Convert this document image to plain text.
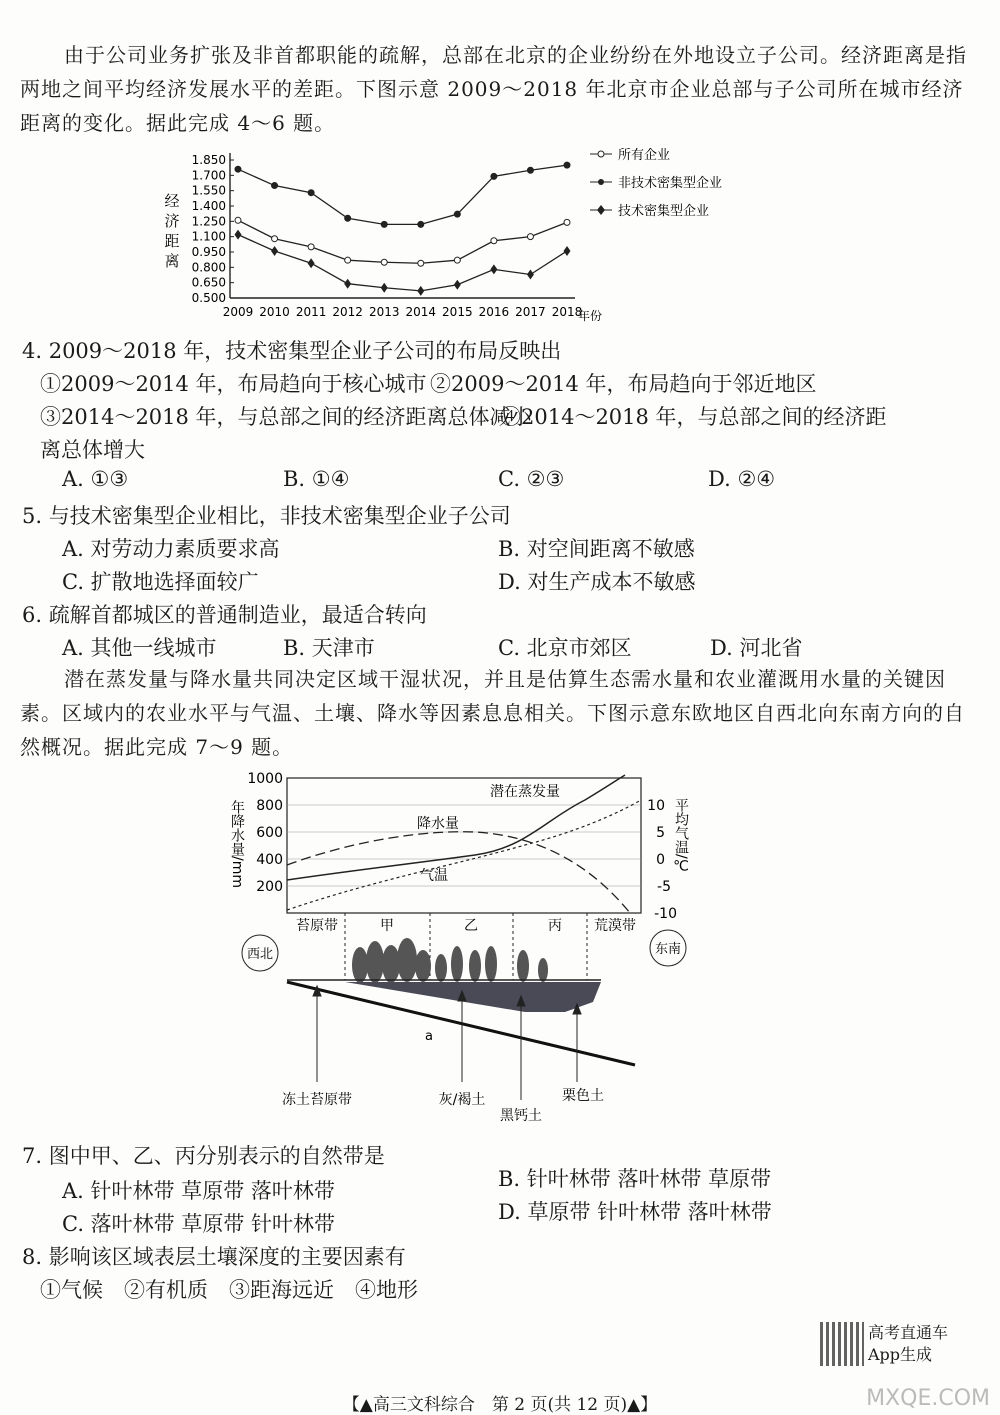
由于公司业务扩张及非首都职能的疏解，总部在北京的企业纷纷在外地设立子公司。经济距离是指两地之间平均经济发展水平的差距。下图示意 2009～2018 年北京市企业总部与子公司所在城市经济距离的变化。据此完成 4～6 题。
1.850
1.700
1.550
1.400
1.250
1.100
0.950
0.800
0.650
0.500
2009 2010 2011 2012 2013 2014 2015 2016 2017 2018
经
济
距
离
年份
所有企业
非技术密集型企业
技术密集型企业
4. 2009～2018 年，技术密集型企业子公司的布局反映出
①2009～2014 年，布局趋向于核心城市 ②2009～2014 年，布局趋向于邻近地区
③2014～2018 年，与总部之间的经济距离总体减小
④2014～2018 年，与总部之间的经济距
离总体增大
A. ①③	B. ①④	C. ②③	D. ②④
5. 与技术密集型企业相比，非技术密集型企业子公司
A. 对劳动力素质要求高	B. 对空间距离不敏感
C. 扩散地选择面较广	D. 对生产成本不敏感
6. 疏解首都城区的普通制造业，最适合转向
A. 其他一线城市	B. 天津市	C. 北京市郊区	D. 河北省
潜在蒸发量与降水量共同决定区域干湿状况，并且是估算生态需水量和农业灌溉用水量的关键因素。区域内的农业水平与气温、土壤、降水等因素息息相关。下图示意东欧地区自西北向东南方向的自然概况。据此完成 7～9 题。
1000
800
600
400
200
10
5
0
-5
-10
年降水量/mm	平均气温/℃
潜在蒸发量
降水量
气温
苔原带	甲	乙	丙 荒漠带
a
冻土苔原带	灰/褐土
黑钙土
栗色土
西北	东南
7. 图中甲、乙、丙分别表示的自然带是
A. 针叶林带 草原带 落叶林带	B. 针叶林带 落叶林带 草原带
C. 落叶林带 草原带 针叶林带	D. 草原带 针叶林带 落叶林带
8. 影响该区域表层土壤深度的主要因素有
①气候　②有机质　③距海远近　④地形
【▲高三文科综合　第 2 页(共 12 页)▲】
高考直通车
App生成
MXQE.COM
